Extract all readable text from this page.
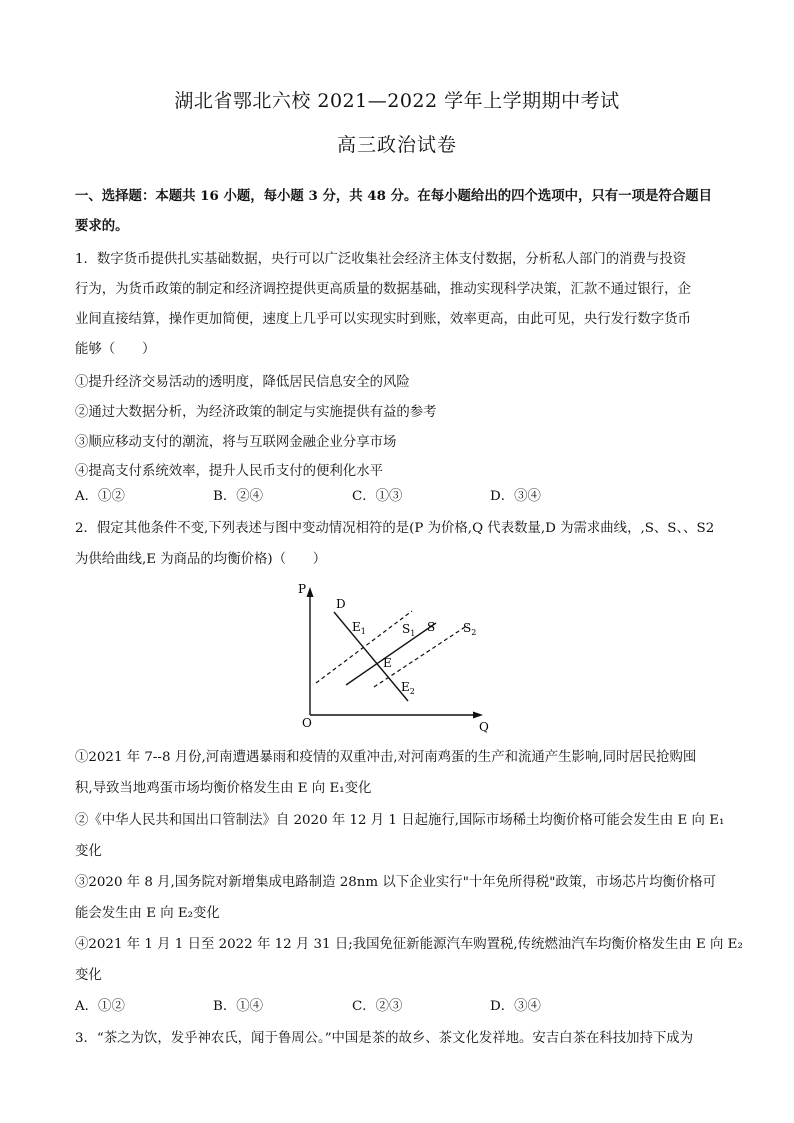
湖北省鄂北六校 2021—2022 学年上学期期中考试
高三政治试卷
一、选择题：本题共 16 小题，每小题 3 分，共 48 分。在每小题给出的四个选项中，只有一项是符合题目
要求的。
1．数字货币提供扎实基础数据，央行可以广泛收集社会经济主体支付数据，分析私人部门的消费与投资
行为，为货币政策的制定和经济调控提供更高质量的数据基础，推动实现科学决策，汇款不通过银行，企
业间直接结算，操作更加简便，速度上几乎可以实现实时到账，效率更高，由此可见，央行发行数字货币
能够（　　）
①提升经济交易活动的透明度，降低居民信息安全的风险
②通过大数据分析，为经济政策的制定与实施提供有益的参考
③顺应移动支付的潮流，将与互联网金融企业分享市场
④提高支付系统效率，提升人民币支付的便利化水平
A．①②	B．②④	C．①③	D．③④
2．假定其他条件不变,下列表述与图中变动情况相符的是(P 为价格,Q 代表数量,D 为需求曲线，,S、S、、S2
为供给曲线,E 为商品的均衡价格)（　　）
P
Q
O
D
$S_1$ S $S_2$
$E_1$
E
$E_2$
①2021 年 7--8 月份,河南遭遇暴雨和疫情的双重冲击,对河南鸡蛋的生产和流通产生影响,同时居民抢购囤
积,导致当地鸡蛋市场均衡价格发生由 E 向 E₁变化
②《中华人民共和国出口管制法》自 2020 年 12 月 1 日起施行,国际市场稀土均衡价格可能会发生由 E 向 E₁
变化
③2020 年 8 月,国务院对新增集成电路制造 28nm 以下企业实行"十年免所得税"政策，市场芯片均衡价格可
能会发生由 E 向 E₂变化
④2021 年 1 月 1 日至 2022 年 12 月 31 日;我国免征新能源汽车购置税,传统燃油汽车均衡价格发生由 E 向 E₂
变化
A．①②	B．①④	C．②③	D．③④
3．“茶之为饮，发乎神农氏，闻于鲁周公。”中国是茶的故乡、茶文化发祥地。安吉白茶在科技加持下成为
